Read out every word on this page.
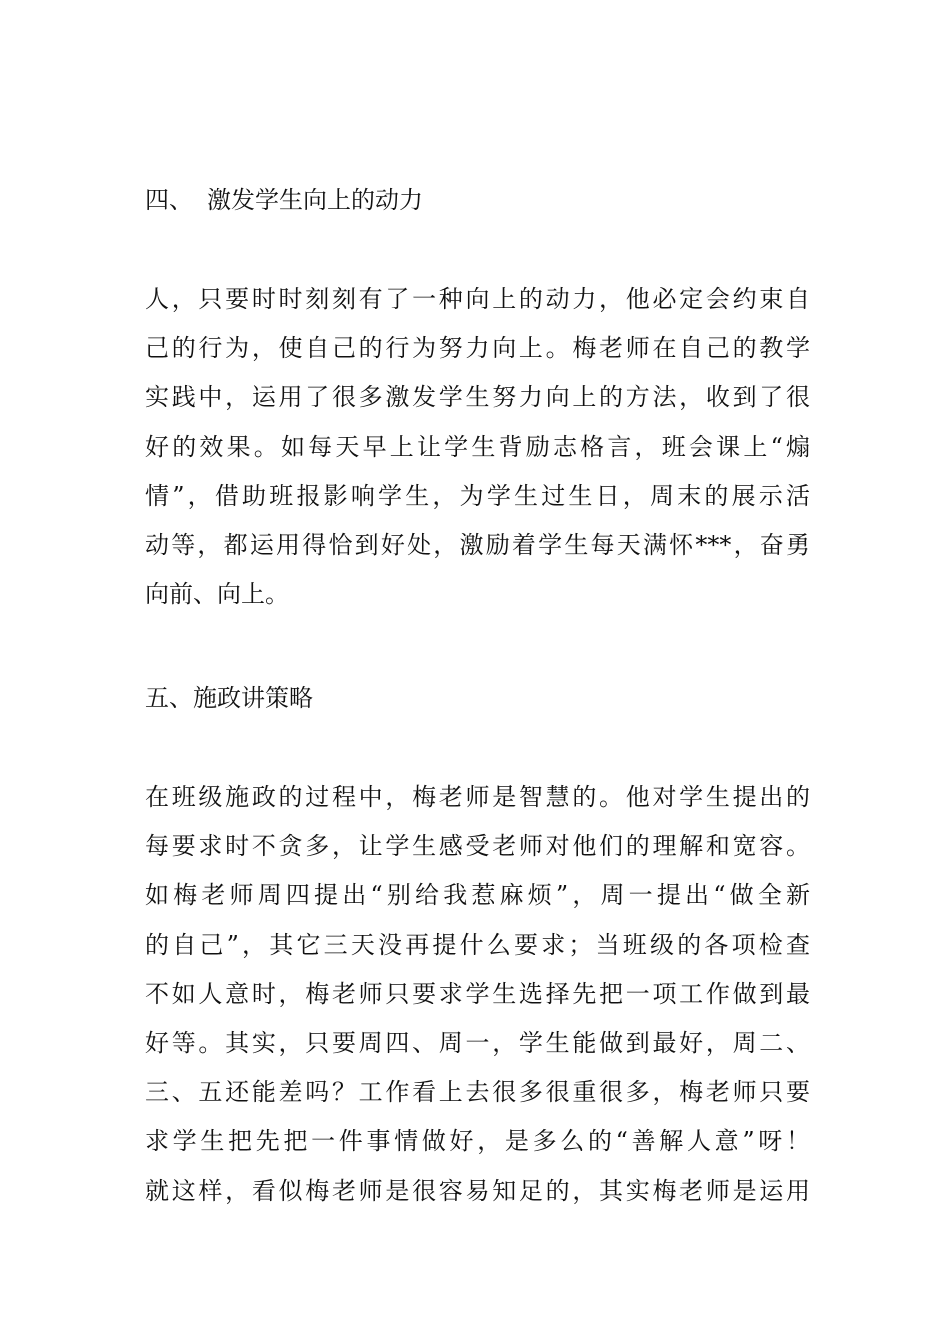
四、 激发学生向上的动力
人，只要时时刻刻有了一种向上的动力，他必定会约束自
己的行为，使自己的行为努力向上。梅老师在自己的教学
实践中，运用了很多激发学生努力向上的方法，收到了很
好的效果。如每天早上让学生背励志格言，班会课上“煽
情”，借助班报影响学生，为学生过生日，周末的展示活
动等，都运用得恰到好处，激励着学生每天满怀***，奋勇
向前、向上。
五、施政讲策略
在班级施政的过程中，梅老师是智慧的。他对学生提出的
每要求时不贪多，让学生感受老师对他们的理解和宽容。
如梅老师周四提出“别给我惹麻烦”，周一提出“做全新
的自己”，其它三天没再提什么要求；当班级的各项检查
不如人意时，梅老师只要求学生选择先把一项工作做到最
好等。其实，只要周四、周一，学生能做到最好，周二、
三、五还能差吗？工作看上去很多很重很多，梅老师只要
求学生把先把一件事情做好，是多么的“善解人意”呀！
就这样，看似梅老师是很容易知足的，其实梅老师是运用
